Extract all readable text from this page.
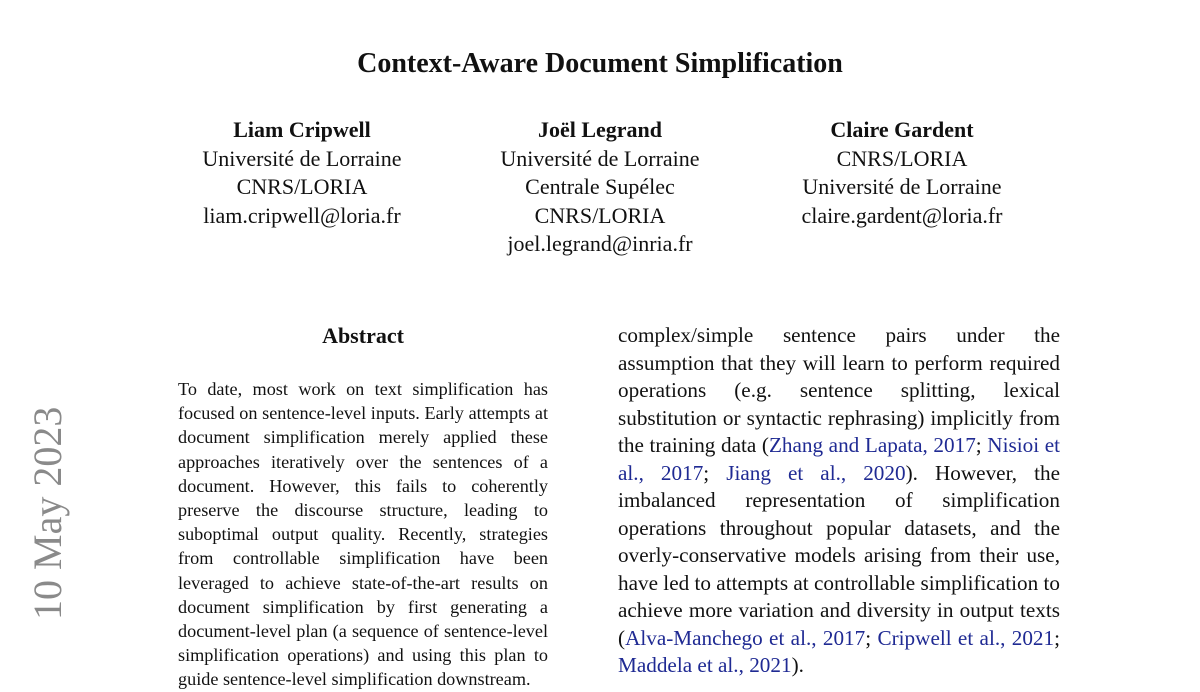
Context-Aware Document Simplification
Liam Cripwell
Université de Lorraine
CNRS/LORIA
liam.cripwell@loria.fr
Joël Legrand
Université de Lorraine
Centrale Supélec
CNRS/LORIA
joel.legrand@inria.fr
Claire Gardent
CNRS/LORIA
Université de Lorraine
claire.gardent@loria.fr
10 May 2023
Abstract
To date, most work on text simplification has focused on sentence-level inputs. Early attempts at document simplification merely applied these approaches iteratively over the sentences of a document. However, this fails to coherently preserve the discourse structure, leading to suboptimal output quality. Recently, strategies from controllable simplification have been leveraged to achieve state-of-the-art results on document simplification by first generating a document-level plan (a sequence of sentence-level simplification operations) and using this plan to guide sentence-level simplification downstream.
complex/simple sentence pairs under the assumption that they will learn to perform required operations (e.g. sentence splitting, lexical substitution or syntactic rephrasing) implicitly from the training data (Zhang and Lapata, 2017; Nisioi et al., 2017; Jiang et al., 2020). However, the imbalanced representation of simplification operations throughout popular datasets, and the overly-conservative models arising from their use, have led to attempts at controllable simplification to achieve more variation and diversity in output texts (Alva-Manchego et al., 2017; Cripwell et al., 2021; Maddela et al., 2021).
